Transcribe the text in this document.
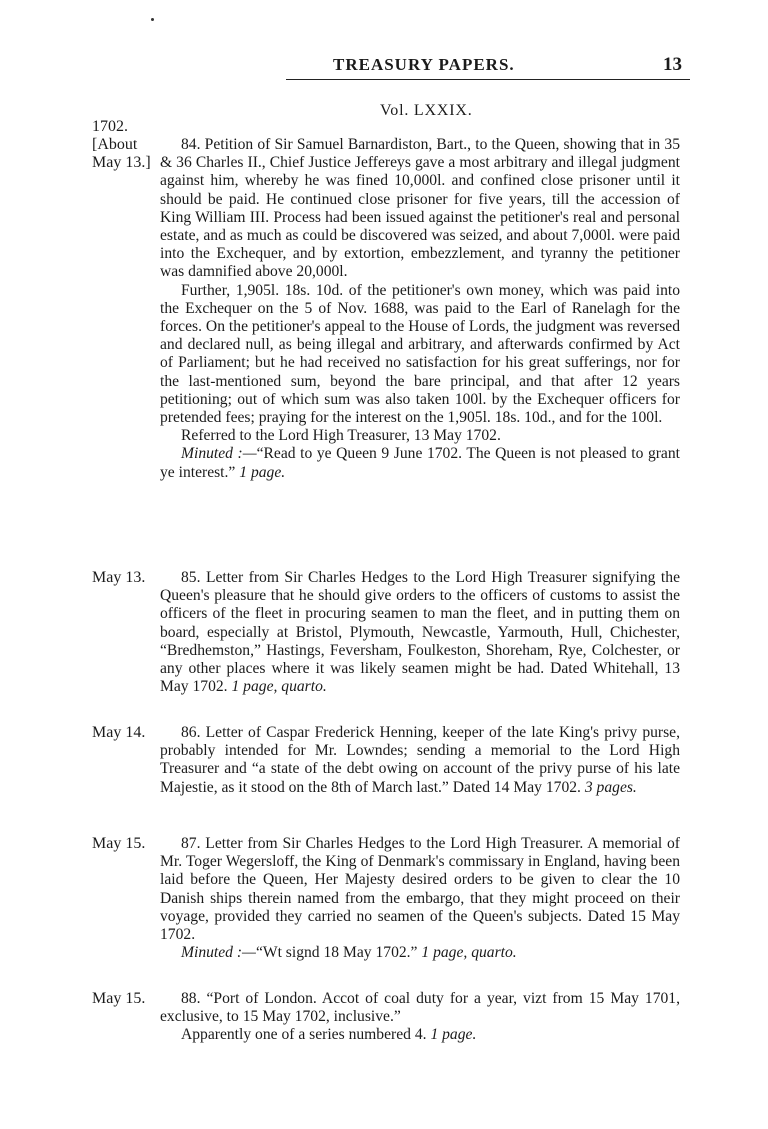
TREASURY PAPERS.	13
Vol. LXXIX.
1702.
[About
May 13.]

84. Petition of Sir Samuel Barnardiston, Bart., to the Queen, showing that in 35 & 36 Charles II., Chief Justice Jeffereys gave a most arbitrary and illegal judgment against him, whereby he was fined 10,000l. and confined close prisoner until it should be paid. He continued close prisoner for five years, till the accession of King William III. Process had been issued against the petitioner's real and personal estate, and as much as could be discovered was seized, and about 7,000l. were paid into the Exchequer, and by extortion, embezzlement, and tyranny the petitioner was damnified above 20,000l.

Further, 1,905l. 18s. 10d. of the petitioner's own money, which was paid into the Exchequer on the 5 of Nov. 1688, was paid to the Earl of Ranelagh for the forces. On the petitioner's appeal to the House of Lords, the judgment was reversed and declared null, as being illegal and arbitrary, and afterwards confirmed by Act of Parliament; but he had received no satisfaction for his great sufferings, nor for the last-mentioned sum, beyond the bare principal, and that after 12 years petitioning; out of which sum was also taken 100l. by the Exchequer officers for pretended fees; praying for the interest on the 1,905l. 18s. 10d., and for the 100l.

Referred to the Lord High Treasurer, 13 May 1702.

Minuted :—“Read to ye Queen 9 June 1702. The Queen is not pleased to grant ye interest.” 1 page.

May 13.	85. Letter from Sir Charles Hedges to the Lord High Treasurer signifying the Queen's pleasure that he should give orders to the officers of customs to assist the officers of the fleet in procuring seamen to man the fleet, and in putting them on board, especially at Bristol, Plymouth, Newcastle, Yarmouth, Hull, Chichester, “Bredhemston,” Hastings, Feversham, Foulkeston, Shoreham, Rye, Colchester, or any other places where it was likely seamen might be had. Dated Whitehall, 13 May 1702. 1 page, quarto.

May 14.	86. Letter of Caspar Frederick Henning, keeper of the late King's privy purse, probably intended for Mr. Lowndes; sending a memorial to the Lord High Treasurer and “a state of the debt owing on account of the privy purse of his late Majestie, as it stood on the 8th of March last.” Dated 14 May 1702. 3 pages.

May 15.	87. Letter from Sir Charles Hedges to the Lord High Treasurer. A memorial of Mr. Toger Wegersloff, the King of Denmark's commissary in England, having been laid before the Queen, Her Majesty desired orders to be given to clear the 10 Danish ships therein named from the embargo, that they might proceed on their voyage, provided they carried no seamen of the Queen's subjects. Dated 15 May 1702.

Minuted :—“Wt signd 18 May 1702.” 1 page, quarto.

May 15.	88. “Port of London. Accot of coal duty for a year, vizt from 15 May 1701, exclusive, to 15 May 1702, inclusive.”

Apparently one of a series numbered 4. 1 page.
